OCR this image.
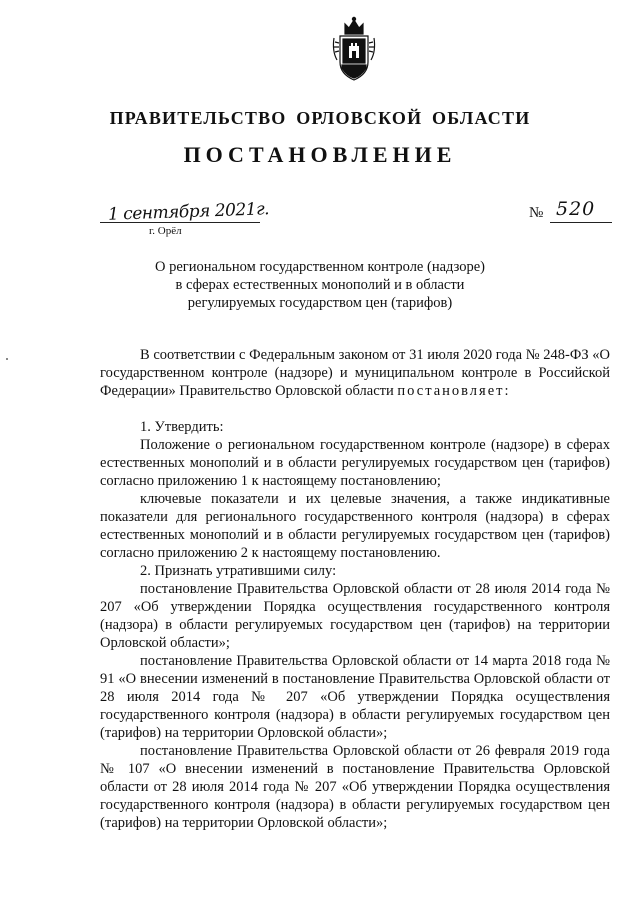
ПРАВИТЕЛЬСТВО ОРЛОВСКОЙ ОБЛАСТИ
ПОСТАНОВЛЕНИЕ
1 сентября 2021г.
г. Орёл
№ 520
О региональном государственном контроле (надзоре) в сферах естественных монополий и в области регулируемых государством цен (тарифов)

В соответствии с Федеральным законом от 31 июля 2020 года № 248-ФЗ «О государственном контроле (надзоре) и муниципальном контроле в Российской Федерации» Правительство Орловской области постановляет:

1. Утвердить:

Положение о региональном государственном контроле (надзоре) в сферах естественных монополий и в области регулируемых государством цен (тарифов) согласно приложению 1 к настоящему постановлению;

ключевые показатели и их целевые значения, а также индикативные показатели для регионального государственного контроля (надзора) в сферах естественных монополий и в области регулируемых государством цен (тарифов) согласно приложению 2 к настоящему постановлению.

2. Признать утратившими силу:

постановление Правительства Орловской области от 28 июля 2014 года № 207 «Об утверждении Порядка осуществления государственного контроля (надзора) в области регулируемых государством цен (тарифов) на территории Орловской области»;

постановление Правительства Орловской области от 14 марта 2018 года № 91 «О внесении изменений в постановление Правительства Орловской области от 28 июля 2014 года № 207 «Об утверждении Порядка осуществления государственного контроля (надзора) в области регулируемых государством цен (тарифов) на территории Орловской области»;

постановление Правительства Орловской области от 26 февраля 2019 года № 107 «О внесении изменений в постановление Правительства Орловской области от 28 июля 2014 года № 207 «Об утверждении Порядка осуществления государственного контроля (надзора) в области регулируемых государством цен (тарифов) на территории Орловской области»;
